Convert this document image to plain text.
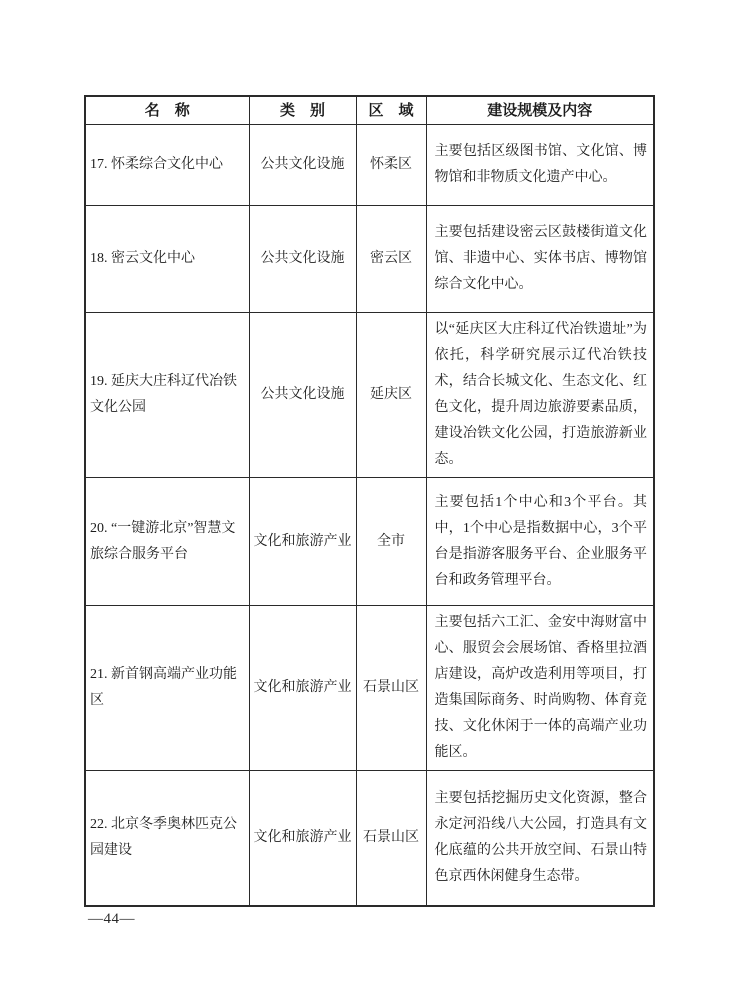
名　称	类　别	区　域	建设规模及内容
17. 怀柔综合文化中心	公共文化设施	怀柔区	主要包括区级图书馆、文化馆、博物馆和非物质文化遗产中心。
18. 密云文化中心	公共文化设施	密云区	主要包括建设密云区鼓楼街道文化馆、非遗中心、实体书店、博物馆综合文化中心。
19. 延庆大庄科辽代冶铁文化公园	公共文化设施	延庆区	以“延庆区大庄科辽代冶铁遗址”为依托，科学研究展示辽代冶铁技术，结合长城文化、生态文化、红色文化，提升周边旅游要素品质，建设冶铁文化公园，打造旅游新业态。
20. “一键游北京”智慧文旅综合服务平台	文化和旅游产业	全市	主要包括1个中心和3个平台。其中，1个中心是指数据中心，3个平台是指游客服务平台、企业服务平台和政务管理平台。
21. 新首钢高端产业功能区	文化和旅游产业	石景山区	主要包括六工汇、金安中海财富中心、服贸会会展场馆、香格里拉酒店建设，高炉改造利用等项目，打造集国际商务、时尚购物、体育竞技、文化休闲于一体的高端产业功能区。
22. 北京冬季奥林匹克公园建设	文化和旅游产业	石景山区	主要包括挖掘历史文化资源，整合永定河沿线八大公园，打造具有文化底蕴的公共开放空间、石景山特色京西休闲健身生态带。
—44—
